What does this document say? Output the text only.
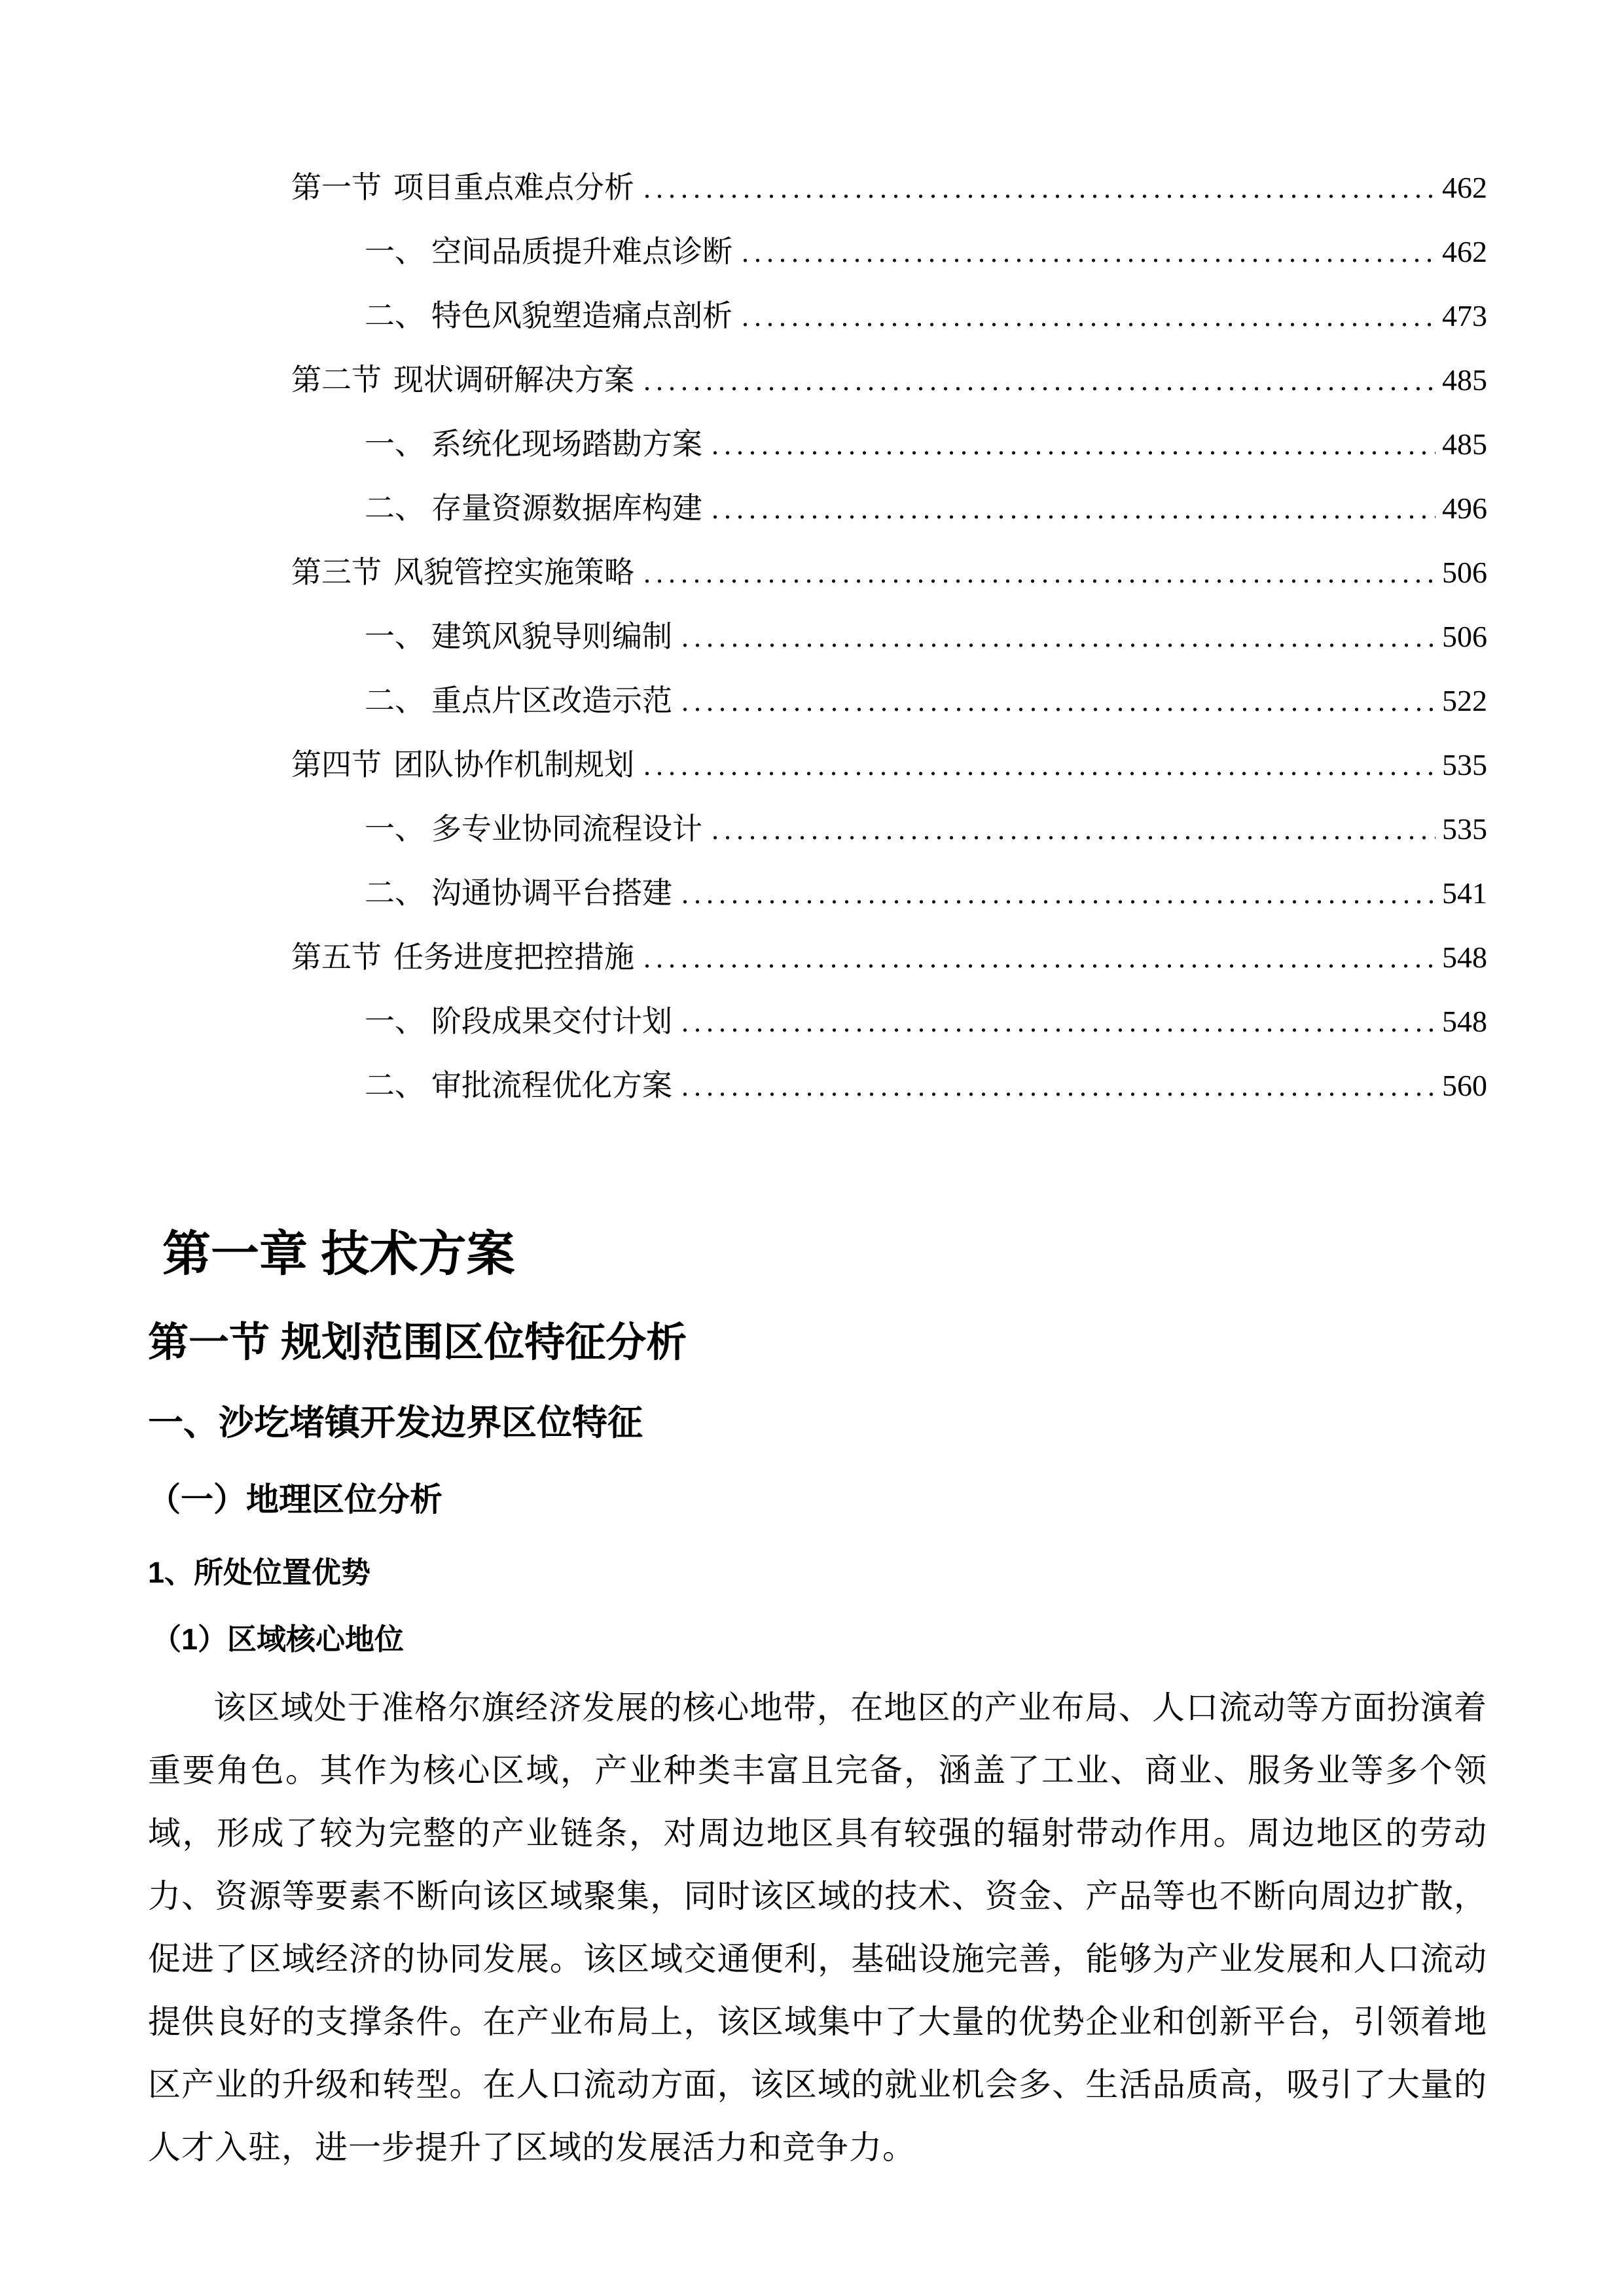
第一节 项目重点难点分析 .....	462
一、 空间品质提升难点诊断 .....	462
二、 特色风貌塑造痛点剖析 .....	473
第二节 现状调研解决方案 .....	485
一、 系统化现场踏勘方案 .....	485
二、 存量资源数据库构建 .....	496
第三节 风貌管控实施策略 .....	506
一、 建筑风貌导则编制 .....	506
二、 重点片区改造示范 .....	522
第四节 团队协作机制规划 .....	535
一、 多专业协同流程设计 .....	535
二、 沟通协调平台搭建 .....	541
第五节 任务进度把控措施 .....	548
一、 阶段成果交付计划 .....	548
二、 审批流程优化方案 .....	560
第一章 技术方案
第一节 规划范围区位特征分析
一、沙圪堵镇开发边界区位特征
（一）地理区位分析
1、所处位置优势
（1）区域核心地位

该区域处于准格尔旗经济发展的核心地带，在地区的产业布局、人口流动等方面扮演着重要角色。其作为核心区域，产业种类丰富且完备，涵盖了工业、商业、服务业等多个领域，形成了较为完整的产业链条，对周边地区具有较强的辐射带动作用。周边地区的劳动力、资源等要素不断向该区域聚集，同时该区域的技术、资金、产品等也不断向周边扩散，促进了区域经济的协同发展。该区域交通便利，基础设施完善，能够为产业发展和人口流动提供良好的支撑条件。在产业布局上，该区域集中了大量的优势企业和创新平台，引领着地区产业的升级和转型。在人口流动方面，该区域的就业机会多、生活品质高，吸引了大量的人才入驻，进一步提升了区域的发展活力和竞争力。
